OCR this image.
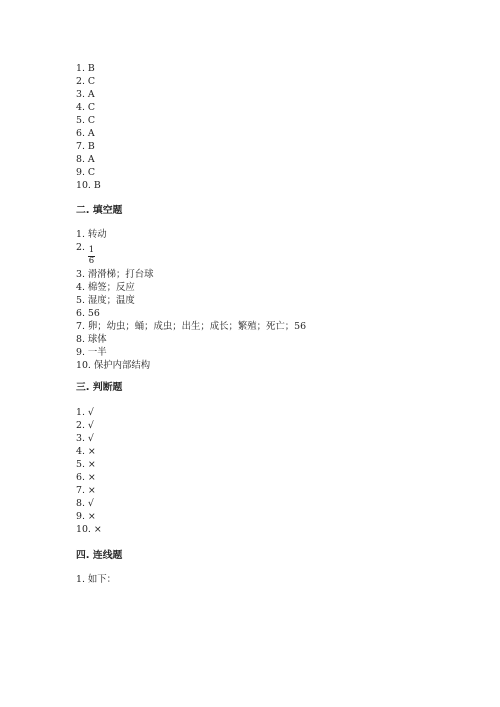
1. B
2. C
3. A
4. C
5. C
6. A
7. B
8. A
9. C
10. B
二. 填空题
1. 转动
2. 1
6
3. 滑滑梯；打台球
4. 棉签；反应
5. 湿度；温度
6. 56
7. 卵；幼虫；蛹；成虫；出生；成长；繁殖；死亡；56
8. 球体
9. 一半
10. 保护内部结构
三. 判断题
1. √
2. √
3. √
4. ×
5. ×
6. ×
7. ×
8. √
9. ×
10. ×
四. 连线题
1. 如下：
